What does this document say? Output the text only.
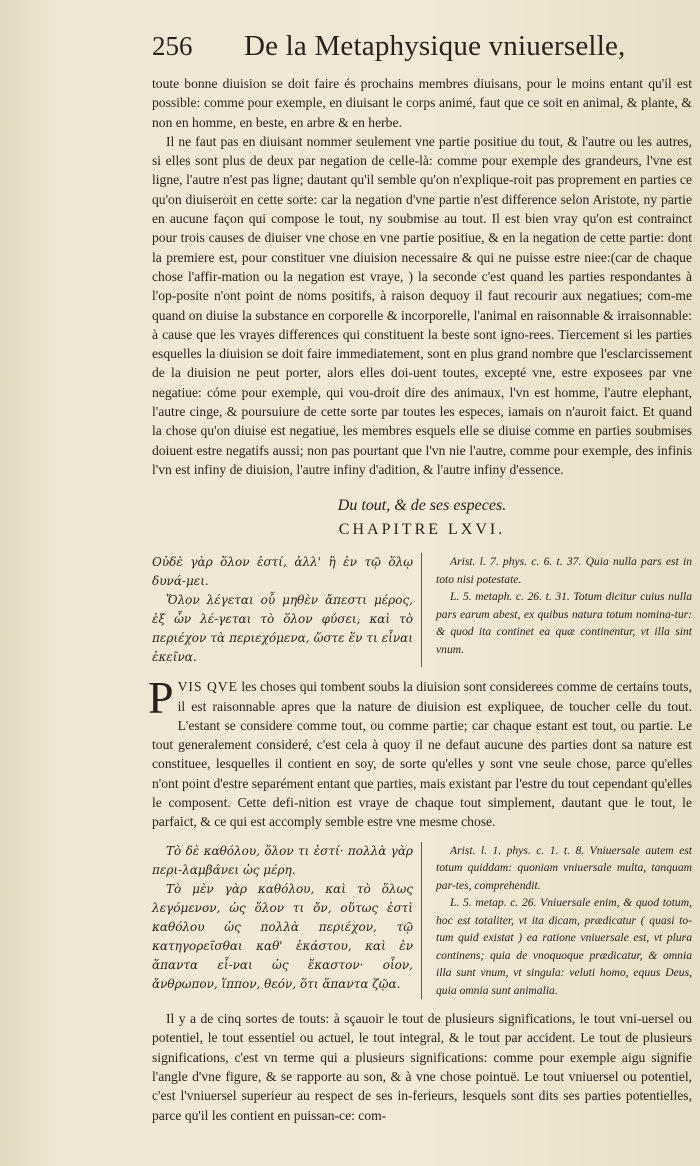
256	De la Metaphysique vniuerselle,

toute bonne diuision se doit faire és prochains membres diuisans, pour le moins entant qu'il est possible: comme pour exemple, en diuisant le corps animé, faut que ce soit en animal, & plante, & non en homme, en beste, en arbre & en herbe.

Il ne faut pas en diuisant nommer seulement vne partie positiue du tout, & l'autre ou les autres, si elles sont plus de deux par negation de celle-là: comme pour exemple des grandeurs, l'vne est ligne, l'autre n'est pas ligne; dautant qu'il semble qu'on n'explique-roit pas proprement en parties ce qu'on diuiseroit en cette sorte: car la negation d'vne partie n'est difference selon Aristote, ny partie en aucune façon qui compose le tout, ny soubmise au tout. Il est bien vray qu'on est contrainct pour trois causes de diuiser vne chose en vne partie positiue, & en la negation de cette partie: dont la premiere est, pour constituer vne diuision necessaire & qui ne puisse estre niee:(car de chaque chose l'affir-mation ou la negation est vraye, ) la seconde c'est quand les parties respondantes à l'op-posite n'ont point de noms positifs, à raison dequoy il faut recourir aux negatiues; com-me quand on diuise la substance en corporelle & incorporelle, l'animal en raisonnable & irraisonnable: à cause que les vrayes differences qui constituent la beste sont igno-rees. Tiercement si les parties esquelles la diuision se doit faire immediatement, sont en plus grand nombre que l'esclarcissement de la diuision ne peut porter, alors elles doi-uent toutes, excepté vne, estre exposees par vne negatiue: cóme pour exemple, qui vou-droit dire des animaux, l'vn est homme, l'autre elephant, l'autre cinge, & poursuiure de cette sorte par toutes les especes, iamais on n'auroit faict. Et quand la chose qu'on diuise est negatiue, les membres esquels elle se diuise comme en parties soubmises doiuent estre negatifs aussi; non pas pourtant que l'vn nie l'autre, comme pour exemple, des infinis l'vn est infiny de diuision, l'autre infiny d'adition, & l'autre infiny d'essence.

Du tout, & de ses especes.
CHAPITRE LXVI.
Οὐδὲ γὰρ ὅλον ἐστί, ἀλλ' ἢ ἐν τῷ ὅλῳ δυνά-μει.
Ὅλον λέγεται οὗ μηθὲν ἄπεστι μέρος, ἐξ ὧν λέ-γεται τὸ ὅλον φύσει, καὶ τὸ περιέχον τὰ περιεχόμενα, ὥστε ἕν τι εἶναι ἐκεῖνα.
Arist. l. 7. phys. c. 6. t. 37. Quia nulla pars est in toto nisi potestate.
L. 5. metaph. c. 26. t. 31. Totum dicitur cuius nulla pars earum abest, ex quibus natura totum nomina-tur: & quod ita continet ea quæ continentur, vt illa sint vnum.

PVIS QVE les choses qui tombent soubs la diuision sont considerees comme de certains touts, il est raisonnable apres que la nature de diuision est expliquee, de toucher celle du tout. L'estant se considere comme tout, ou comme partie; car chaque estant est tout, ou partie. Le tout generalement consideré, c'est cela à quoy il ne defaut aucune des parties dont sa nature est constituee, lesquelles il contient en soy, de sorte qu'elles y sont vne seule chose, parce qu'elles n'ont point d'estre separément entant que parties, mais existant par l'estre du tout cependant qu'elles le composent. Cette defi-nition est vraye de chaque tout simplement, dautant que le tout, le parfaict, & ce qui est accomply semble estre vne mesme chose.

Τὸ δὲ καθόλου, ὅλον τι ἐστί· πολλὰ γὰρ περι-λαμβάνει ὡς μέρη.
Τὸ μὲν γὰρ καθόλου, καὶ τὸ ὅλως λεγόμενον, ὡς ὅλον τι ὄν, οὕτως ἐστὶ καθόλου ὡς πολλὰ περιέχον, τῷ κατηγορεῖσθαι καθ' ἑκάστου, καὶ ἐν ἅπαντα εἶ-ναι ὡς ἕκαστον· οἷον, ἄνθρωπον, ἵππον, θεόν, ὅτι ἅπαντα ζῷα.
Arist. l. 1. phys. c. 1. t. 8. Vniuersale autem est totum quiddam: quoniam vniuersale multa, tanquam par-tes, comprehendit.
L. 5. metap. c. 26. Vniuersale enim, & quod totum, hoc est totaliter, vt ita dicam, prædicatur ( quasi to-tum quid existat ) ea ratione vniuersale est, vt plura continens; quia de vnoquoque prædicatur, & omnia illa sunt vnum, vt singula: veluti homo, equus Deus, quia omnia sunt animalia.

Il y a de cinq sortes de touts: à sçauoir le tout de plusieurs significations, le tout vni-uersel ou potentiel, le tout essentiel ou actuel, le tout integral, & le tout par accident. Le tout de plusieurs significations, c'est vn terme qui a plusieurs significations: comme pour exemple aigu signifie l'angle d'vne figure, & se rapporte au son, & à vne chose pointuë. Le tout vniuersel ou potentiel, c'est l'vniuersel superieur au respect de ses in-ferieurs, lesquels sont dits ses parties potentielles, parce qu'il les contient en puissan-ce: com-
